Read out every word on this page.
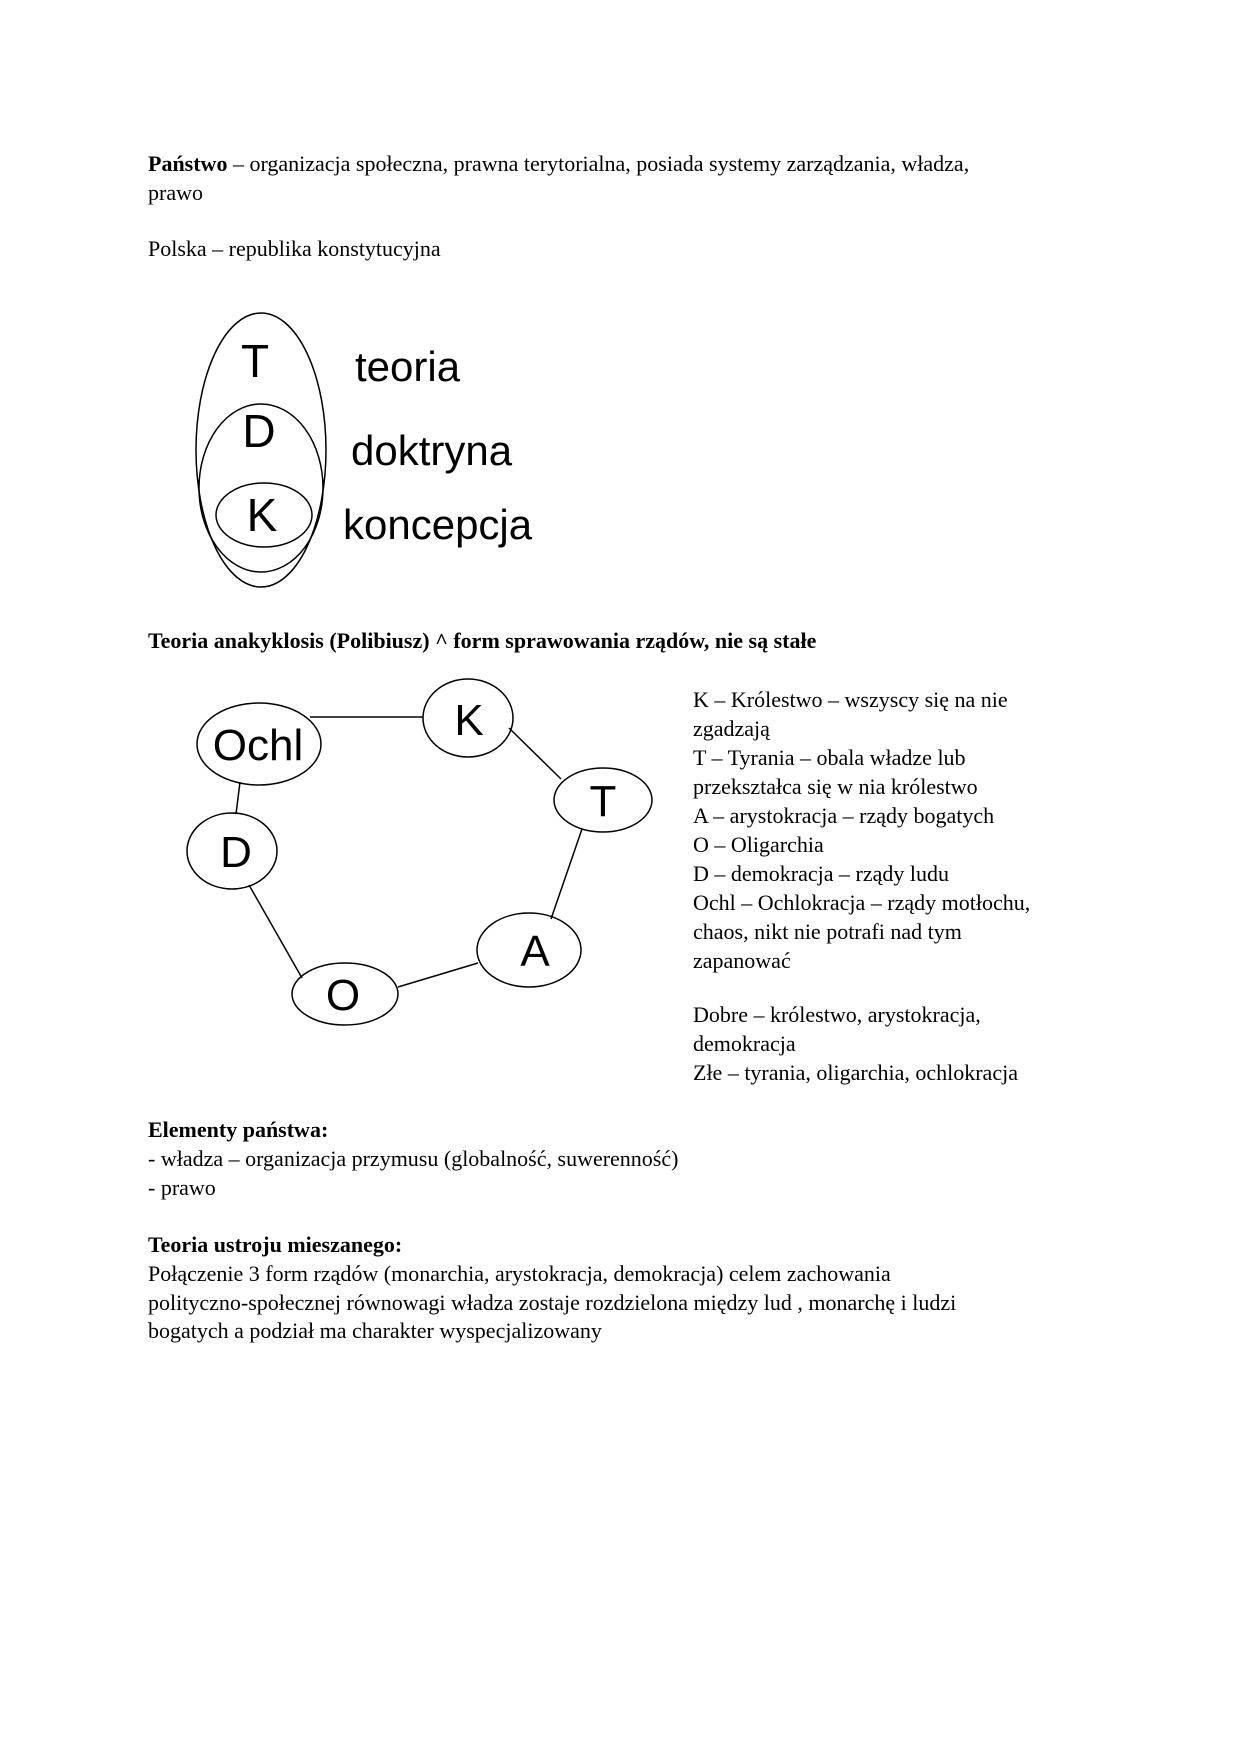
Państwo – organizacja społeczna, prawna terytorialna, posiada systemy zarządzania, władza,
prawo
Polska – republika konstytucyjna
T
D
K
teoria
doktryna
koncepcja
Ochl
K
T
A
O
D
Teoria anakyklosis (Polibiusz) ^ form sprawowania rządów, nie są stałe
K – Królestwo – wszyscy się na nie
zgadzają
T – Tyrania – obala władze lub
przekształca się w nia królestwo
A – arystokracja – rządy bogatych
O – Oligarchia
D – demokracja – rządy ludu
Ochl – Ochlokracja – rządy motłochu,
chaos, nikt nie potrafi nad tym
zapanować
Dobre – królestwo, arystokracja,
demokracja
Złe – tyrania, oligarchia, ochlokracja
Elementy państwa:
- władza – organizacja przymusu (globalność, suwerenność)
- prawo
Teoria ustroju mieszanego:
Połączenie 3 form rządów (monarchia, arystokracja, demokracja) celem zachowania
polityczno-społecznej równowagi władza zostaje rozdzielona między lud , monarchę i ludzi
bogatych a podział ma charakter wyspecjalizowany
